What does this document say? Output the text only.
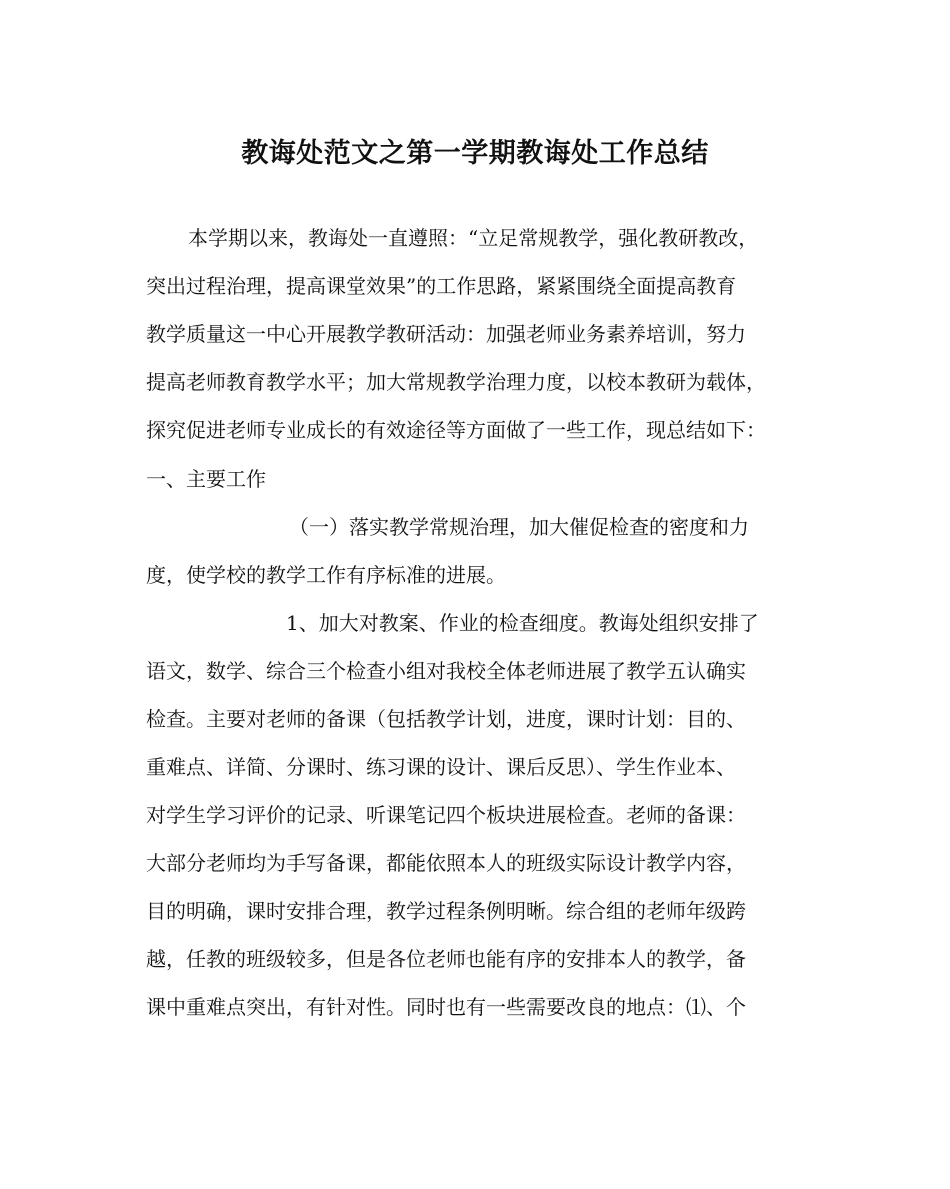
教诲处范文之第一学期教诲处工作总结
本学期以来，教诲处一直遵照：“立足常规教学，强化教研教改，
突出过程治理，提高课堂效果”的工作思路，紧紧围绕全面提高教育
教学质量这一中心开展教学教研活动：加强老师业务素养培训，努力
提高老师教育教学水平；加大常规教学治理力度，以校本教研为载体，
探究促进老师专业成长的有效途径等方面做了一些工作，现总结如下：
一、主要工作
（一）落实教学常规治理，加大催促检查的密度和力
度，使学校的教学工作有序标准的进展。
1、加大对教案、作业的检查细度。教诲处组织安排了
语文，数学、综合三个检查小组对我校全体老师进展了教学五认确实
检查。主要对老师的备课（包括教学计划，进度，课时计划：目的、
重难点、详简、分课时、练习课的设计、课后反思）、学生作业本、
对学生学习评价的记录、听课笔记四个板块进展检查。老师的备课：
大部分老师均为手写备课，都能依照本人的班级实际设计教学内容，
目的明确，课时安排合理，教学过程条例明晰。综合组的老师年级跨
越，任教的班级较多，但是各位老师也能有序的安排本人的教学，备
课中重难点突出，有针对性。同时也有一些需要改良的地点：⑴、个
